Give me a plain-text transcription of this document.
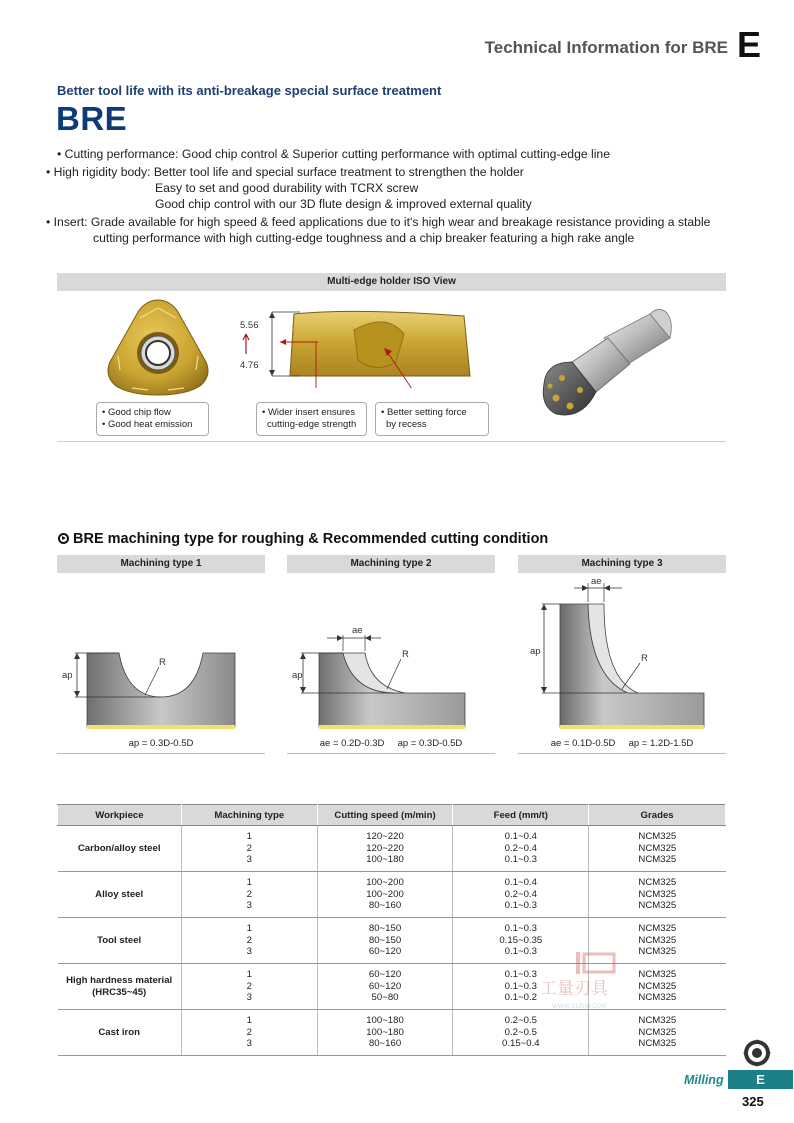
Technical Information for BRE E
Better tool life with its anti-breakage special surface treatment
BRE
• Cutting performance: Good chip control & Superior cutting performance with optimal cutting-edge line
• High rigidity body: Better tool life and special surface treatment to strengthen the holder
Easy to set and good durability with TCRX screw
Good chip control with our 3D flute design & improved external quality
• Insert: Grade available for high speed & feed applications due to it's high wear and breakage resistance providing a stable
cutting performance with high cutting-edge toughness and a chip breaker featuring a high rake angle
Multi-edge holder ISO View
5.56
4.76
• Good chip flow
• Good heat emission
• Wider insert ensures
cutting-edge strength
• Better setting force
by recess
BRE machining type for roughing & Recommended cutting condition
Machining type 1	Machining type 2	Machining type 3
ap
R
ap = 0.3D-0.5D
ap
ae
R
ae = 0.2D-0.3D     ap = 0.3D-0.5D
ap
ae
R
ae = 0.1D-0.5D     ap = 1.2D-1.5D
Workpiece	Machining type	Cutting speed (m/min)	Feed (mm/t)	Grades
Carbon/alloy steel	1
2
3	120~220
120~220
100~180	0.1~0.4
0.2~0.4
0.1~0.3	NCM325
NCM325
NCM325

Alloy steel	1
2
3	100~200
100~200
80~160	0.1~0.4
0.2~0.4
0.1~0.3	NCM325
NCM325
NCM325

Tool steel	1
2
3	80~150
80~150
60~120	0.1~0.3
0.15~0.35
0.1~0.3	NCM325
NCM325
NCM325

High hardness material (HRC35~45)	1
2
3	60~120
60~120
50~80	0.1~0.3
0.1~0.3
0.1~0.2	NCM325
NCM325
NCM325

Cast iron	1
2
3	100~180
100~180
80~160	0.2~0.5
0.2~0.5
0.15~0.4	NCM325
NCM325
NCM325
工量刃具
WWW.GLRJW.COM
Milling	E
325
